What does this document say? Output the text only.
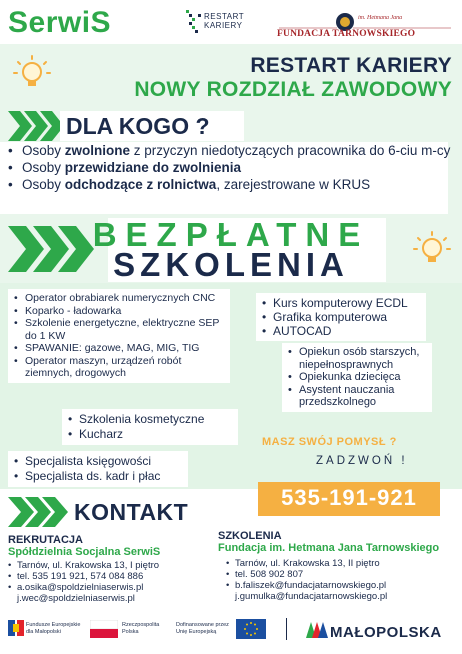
SerwiS	RESTART
KARIERY
im. Hetmana Jana
FUNDACJA TARNOWSKIEGO
RESTART KARIERY
NOWY ROZDZIAŁ ZAWODOWY
DLA KOGO ?
• Osoby zwolnione z przyczyn niedotyczących pracownika do 6-ciu m-cy
• Osoby przewidziane do zwolnienia
• Osoby odchodzące z rolnictwa, zarejestrowane w KRUS
BEZPŁATNE
SZKOLENIA
• Operator obrabiarek numerycznych CNC
• Koparko - ładowarka
• Szkolenie energetyczne, elektryczne SEP do 1 KW
• SPAWANIE: gazowe, MAG, MIG, TIG
• Operator maszyn, urządzeń robót ziemnych, drogowych
• Kurs komputerowy ECDL
• Grafika komputerowa
• AUTOCAD
• Opiekun osób starszych, niepełnosprawnych
• Opiekunka dziecięca
• Asystent nauczania przedszkolnego
• Szkolenia kosmetyczne
• Kucharz
• Specjalista księgowości
• Specjalista ds. kadr i płac
MASZ SWÓJ POMYSŁ ?
ZADZWOŃ !
535-191-921
KONTAKT
REKRUTACJA
Spółdzielnia Socjalna SerwiS
• Tarnów, ul. Krakowska 13, I piętro
• tel. 535 191 921, 574 084 886
• a.osika@spoldzielniaserwis.pl
j.wec@spoldzielniaserwis.pl
SZKOLENIA
Fundacja im. Hetmana Jana Tarnowskiego
• Tarnów, ul. Krakowska 13, II piętro
• tel. 508 902 807
• b.faliszek@fundacjatarnowskiego.pl
j.gumulka@fundacjatarnowskiego.pl
Fundusze Europejskie
dla Małopolski
Rzeczpospolita
Polska
Dofinansowane przez
Unię Europejską	MAŁOPOLSKA
